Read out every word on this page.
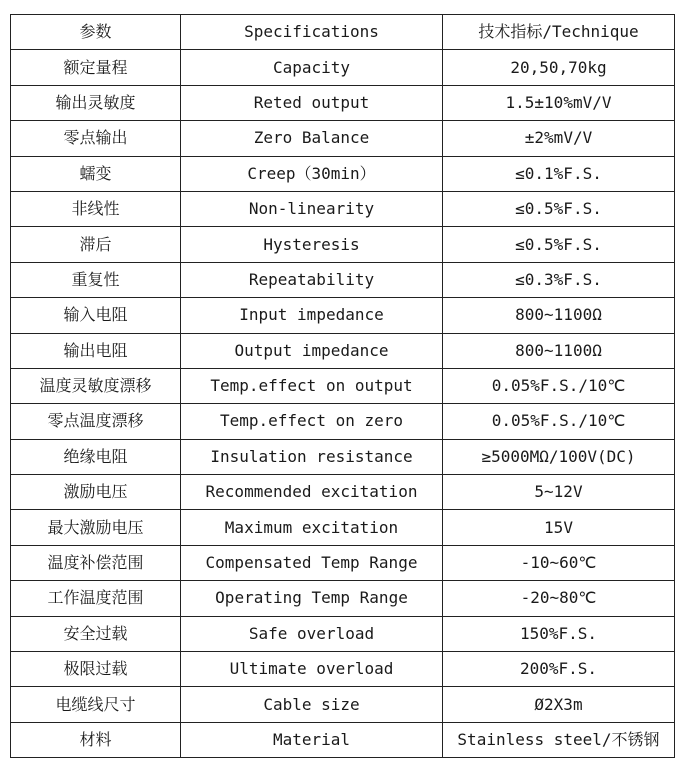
参数	Specifications	技术指标/Technique
额定量程	Capacity	20,50,70kg
输出灵敏度	Reted output	1.5±10%mV/V
零点输出	Zero Balance	±2%mV/V
蠕变	Creep（30min）	≤0.1%F.S.
非线性	Non-linearity	≤0.5%F.S.
滞后	Hysteresis	≤0.5%F.S.
重复性	Repeatability	≤0.3%F.S.
输入电阻	Input impedance	800~1100Ω
输出电阻	Output impedance	800~1100Ω
温度灵敏度漂移	Temp.effect on output	0.05%F.S./10℃
零点温度漂移	Temp.effect on zero	0.05%F.S./10℃
绝缘电阻	Insulation resistance	≥5000MΩ/100V(DC)
激励电压	Recommended excitation	5~12V
最大激励电压	Maximum excitation	15V
温度补偿范围	Compensated Temp Range	-10~60℃
工作温度范围	Operating Temp Range	-20~80℃
安全过载	Safe overload	150%F.S.
极限过载	Ultimate overload	200%F.S.
电缆线尺寸	Cable size	Ø2X3m
材料	Material	Stainless steel/不锈钢
